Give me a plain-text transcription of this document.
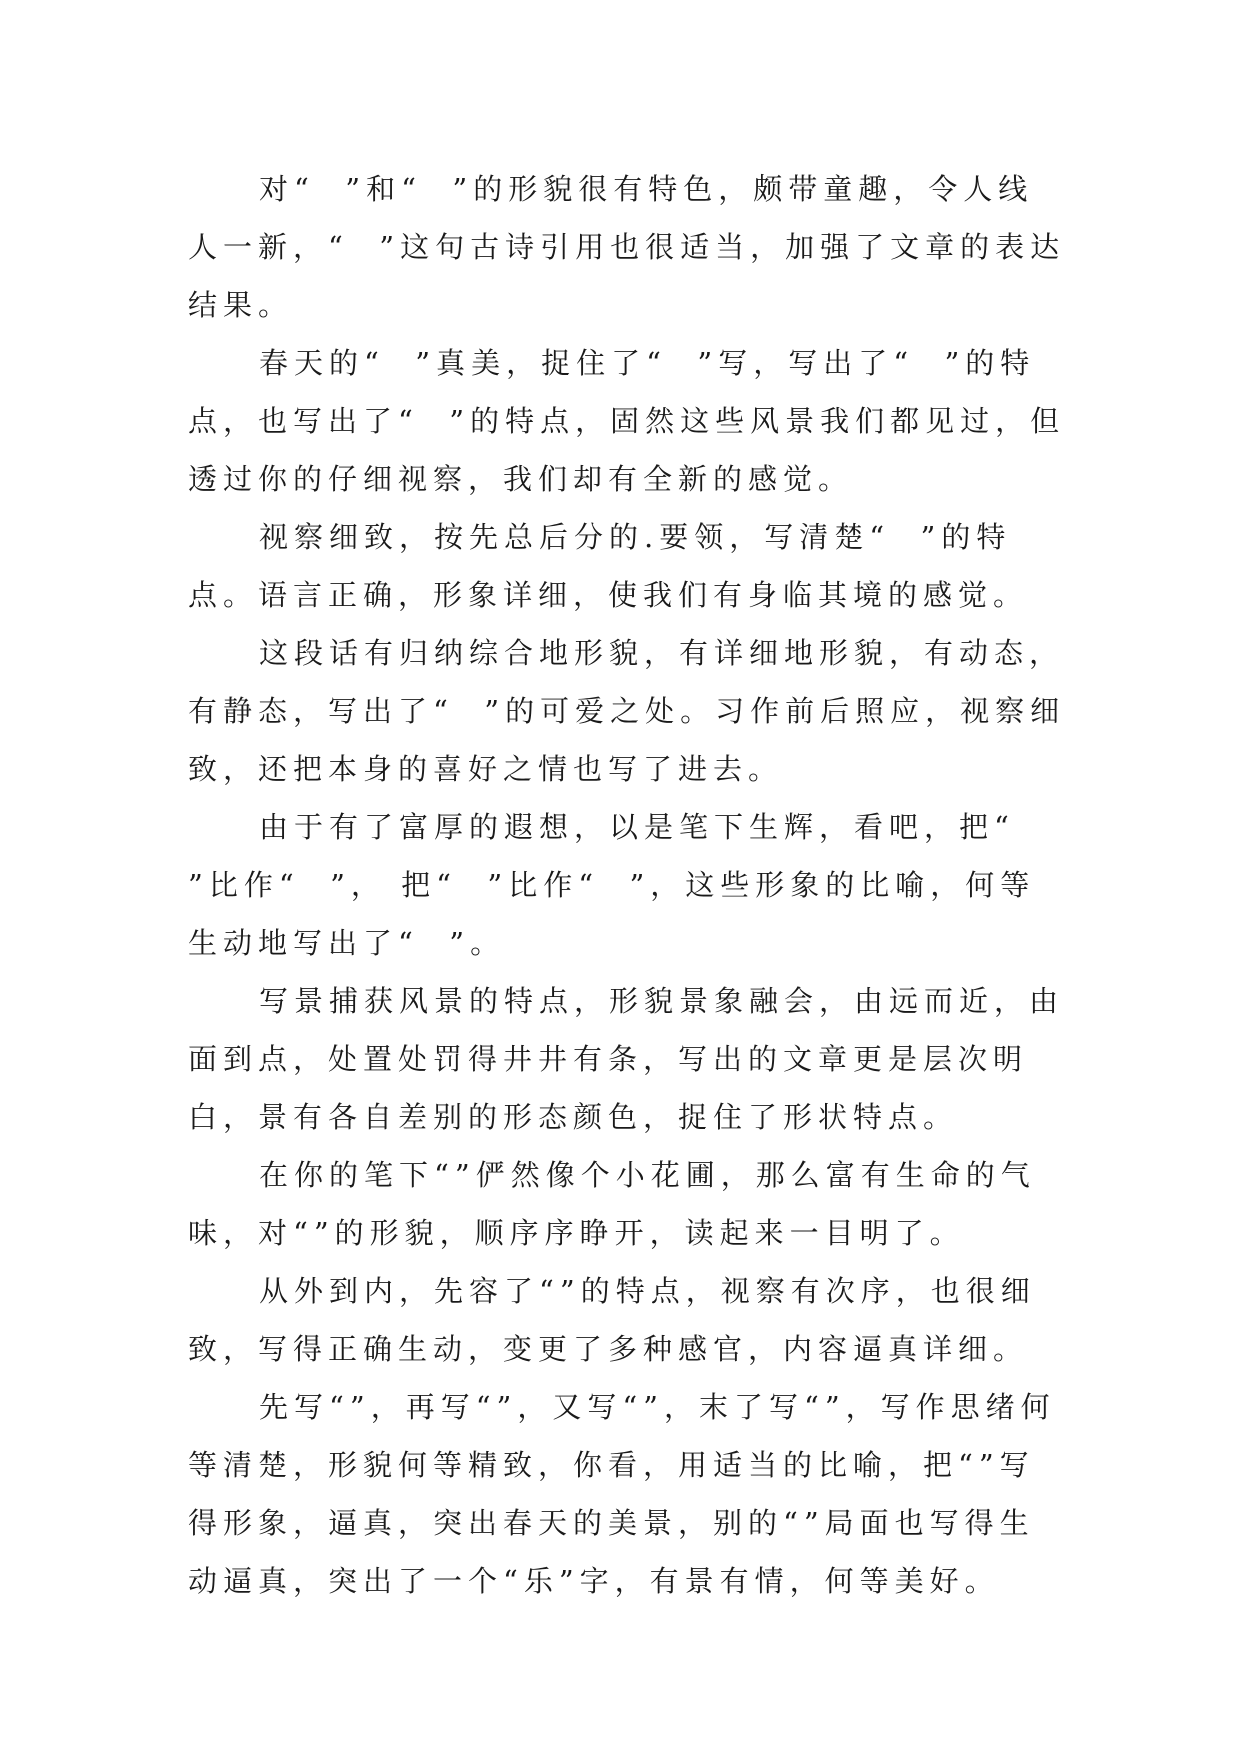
对“  ”和“  ”的形貌很有特色，颇带童趣，令人线人一新，“  ”这句古诗引用也很适当，加强了文章的表达结果。

春天的“  ”真美，捉住了“  ”写，写出了“  ”的特点，也写出了“  ”的特点，固然这些风景我们都见过，但透过你的仔细视察，我们却有全新的感觉。

视察细致，按先总后分的.要领，写清楚“  ”的特点。语言正确，形象详细，使我们有身临其境的感觉。

这段话有归纳综合地形貌，有详细地形貌，有动态，有静态，写出了“  ”的可爱之处。习作前后照应，视察细致，还把本身的喜好之情也写了进去。

由于有了富厚的遐想，以是笔下生辉，看吧，把“  ”比作“  ”， 把“  ”比作“  ”，这些形象的比喻，何等生动地写出了“  ”。

写景捕获风景的特点，形貌景象融会，由远而近，由面到点，处置处罚得井井有条，写出的文章更是层次明白，景有各自差别的形态颜色，捉住了形状特点。

在你的笔下“”俨然像个小花圃，那么富有生命的气味，对“”的形貌，顺序序睁开，读起来一目明了。

从外到内，先容了“”的特点，视察有次序，也很细致，写得正确生动，变更了多种感官，内容逼真详细。

先写“”，再写“”，又写“”，末了写“”，写作思绪何等清楚，形貌何等精致，你看，用适当的比喻，把“”写得形象，逼真，突出春天的美景，别的“”局面也写得生动逼真，突出了一个“乐”字，有景有情，何等美好。
